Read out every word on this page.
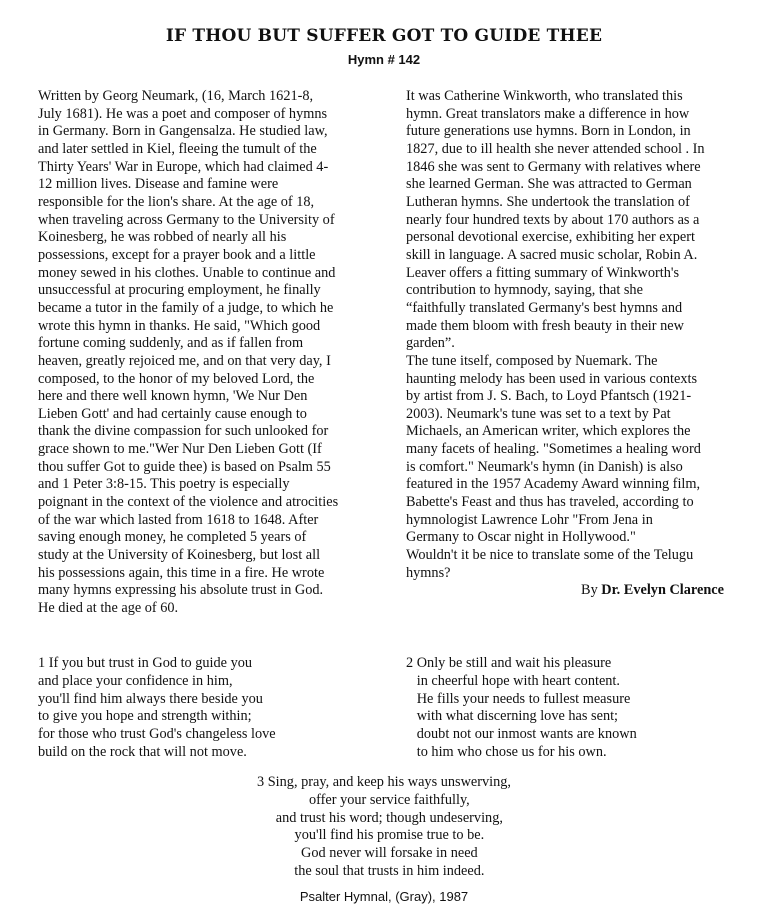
IF THOU BUT SUFFER GOT TO GUIDE THEE
Hymn # 142
Written by Georg Neumark, (16, March 1621-8,
July 1681). He was a poet and composer of hymns
in Germany. Born in Gangensalza. He studied law,
and later settled in Kiel, fleeing the tumult of the
Thirty Years' War in Europe, which had claimed 4-
12 million lives. Disease and famine were
responsible for the lion's share. At the age of 18,
when traveling across Germany to the University of
Koinesberg, he was robbed of nearly all his
possessions, except for a prayer book and a little
money sewed in his clothes. Unable to continue and
unsuccessful at procuring employment, he finally
became a tutor in the family of a judge, to which he
wrote this hymn in thanks. He said, "Which good
fortune coming suddenly, and as if fallen from
heaven, greatly rejoiced me, and on that very day, I
composed, to the honor of my beloved Lord, the
here and there well known hymn, 'We Nur Den
Lieben Gott' and had certainly cause enough to
thank the divine compassion for such unlooked for
grace shown to me."Wer Nur Den Lieben Gott (If
thou suffer Got to guide thee) is based on Psalm 55
and 1 Peter 3:8-15. This poetry is especially
poignant in the context of the violence and atrocities
of the war which lasted from 1618 to 1648. After
saving enough money, he completed 5 years of
study at the University of Koinesberg, but lost all
his possessions again, this time in a fire. He wrote
many hymns expressing his absolute trust in God.
He died at the age of 60.
It was Catherine Winkworth, who translated this
hymn. Great translators make a difference in how
future generations use hymns. Born in London, in
1827, due to ill health she never attended school . In
1846 she was sent to Germany with relatives where
she learned German. She was attracted to German
Lutheran hymns. She undertook the translation of
nearly four hundred texts by about 170 authors as a
personal devotional exercise, exhibiting her expert
skill in language. A sacred music scholar, Robin A.
Leaver offers a fitting summary of Winkworth's
contribution to hymnody, saying, that she
“faithfully translated Germany's best hymns and
made them bloom with fresh beauty in their new
garden”.
The tune itself, composed by Nuemark. The
haunting melody has been used in various contexts
by artist from J. S. Bach, to Loyd Pfantsch (1921-
2003). Neumark's tune was set to a text by Pat
Michaels, an American writer, which explores the
many facets of healing. "Sometimes a healing word
is comfort." Neumark's hymn (in Danish) is also
featured in the 1957 Academy Award winning film,
Babette's Feast and thus has traveled, according to
hymnologist Lawrence Lohr "From Jena in
Germany to Oscar night in Hollywood."
Wouldn't it be nice to translate some of the Telugu
hymns?
By Dr. Evelyn Clarence
1 If you but trust in God to guide you
and place your confidence in him,
you'll find him always there beside you
to give you hope and strength within;
for those who trust God's changeless love
build on the rock that will not move.
2 Only be still and wait his pleasure
in cheerful hope with heart content.
He fills your needs to fullest measure
with what discerning love has sent;
doubt not our inmost wants are known
to him who chose us for his own.
3 Sing, pray, and keep his ways unswerving,
offer your service faithfully,
and trust his word; though undeserving,
you'll find his promise true to be.
God never will forsake in need
the soul that trusts in him indeed.
Psalter Hymnal, (Gray), 1987
